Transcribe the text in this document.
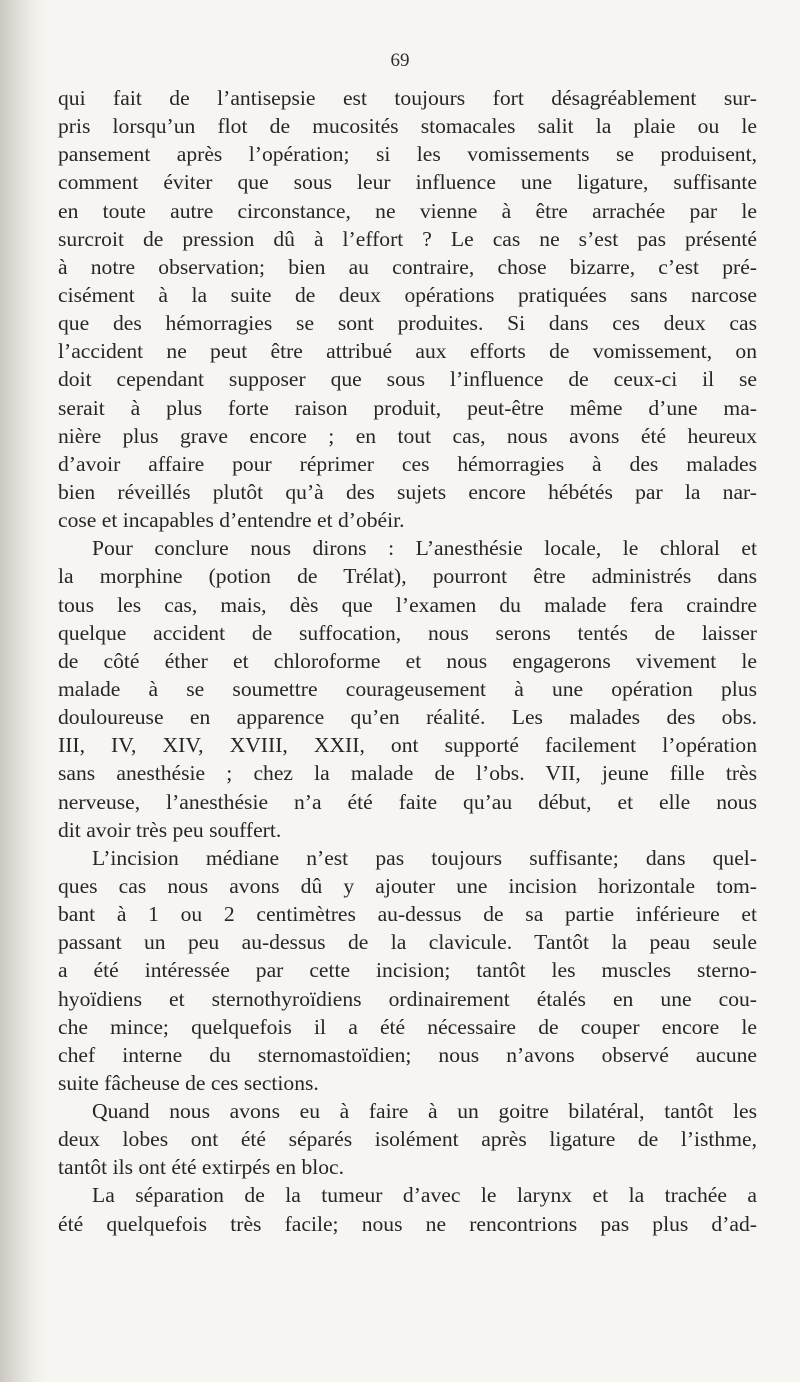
69
qui fait de l’antisepsie est toujours fort désagréablement sur-
pris lorsqu’un flot de mucosités stomacales salit la plaie ou le
pansement après l’opération; si les vomissements se produisent,
comment éviter que sous leur influence une ligature, suffisante
en toute autre circonstance, ne vienne à être arrachée par le
surcroit de pression dû à l’effort ? Le cas ne s’est pas présenté
à notre observation; bien au contraire, chose bizarre, c’est pré-
cisément à la suite de deux opérations pratiquées sans narcose
que des hémorragies se sont produites. Si dans ces deux cas
l’accident ne peut être attribué aux efforts de vomissement, on
doit cependant supposer que sous l’influence de ceux-ci il se
serait à plus forte raison produit, peut-être même d’une ma-
nière plus grave encore ; en tout cas, nous avons été heureux
d’avoir affaire pour réprimer ces hémorragies à des malades
bien réveillés plutôt qu’à des sujets encore hébétés par la nar-
cose et incapables d’entendre et d’obéir.
Pour conclure nous dirons : L’anesthésie locale, le chloral et
la morphine (potion de Trélat), pourront être administrés dans
tous les cas, mais, dès que l’examen du malade fera craindre
quelque accident de suffocation, nous serons tentés de laisser
de côté éther et chloroforme et nous engagerons vivement le
malade à se soumettre courageusement à une opération plus
douloureuse en apparence qu’en réalité. Les malades des obs.
III, IV, XIV, XVIII, XXII, ont supporté facilement l’opération
sans anesthésie ; chez la malade de l’obs. VII, jeune fille très
nerveuse, l’anesthésie n’a été faite qu’au début, et elle nous
dit avoir très peu souffert.
L’incision médiane n’est pas toujours suffisante; dans quel-
ques cas nous avons dû y ajouter une incision horizontale tom-
bant à 1 ou 2 centimètres au-dessus de sa partie inférieure et
passant un peu au-dessus de la clavicule. Tantôt la peau seule
a été intéressée par cette incision; tantôt les muscles sterno-
hyoïdiens et sternothyroïdiens ordinairement étalés en une cou-
che mince; quelquefois il a été nécessaire de couper encore le
chef interne du sternomastoïdien; nous n’avons observé aucune
suite fâcheuse de ces sections.
Quand nous avons eu à faire à un goitre bilatéral, tantôt les
deux lobes ont été séparés isolément après ligature de l’isthme,
tantôt ils ont été extirpés en bloc.
La séparation de la tumeur d’avec le larynx et la trachée a
été quelquefois très facile; nous ne rencontrions pas plus d’ad-
